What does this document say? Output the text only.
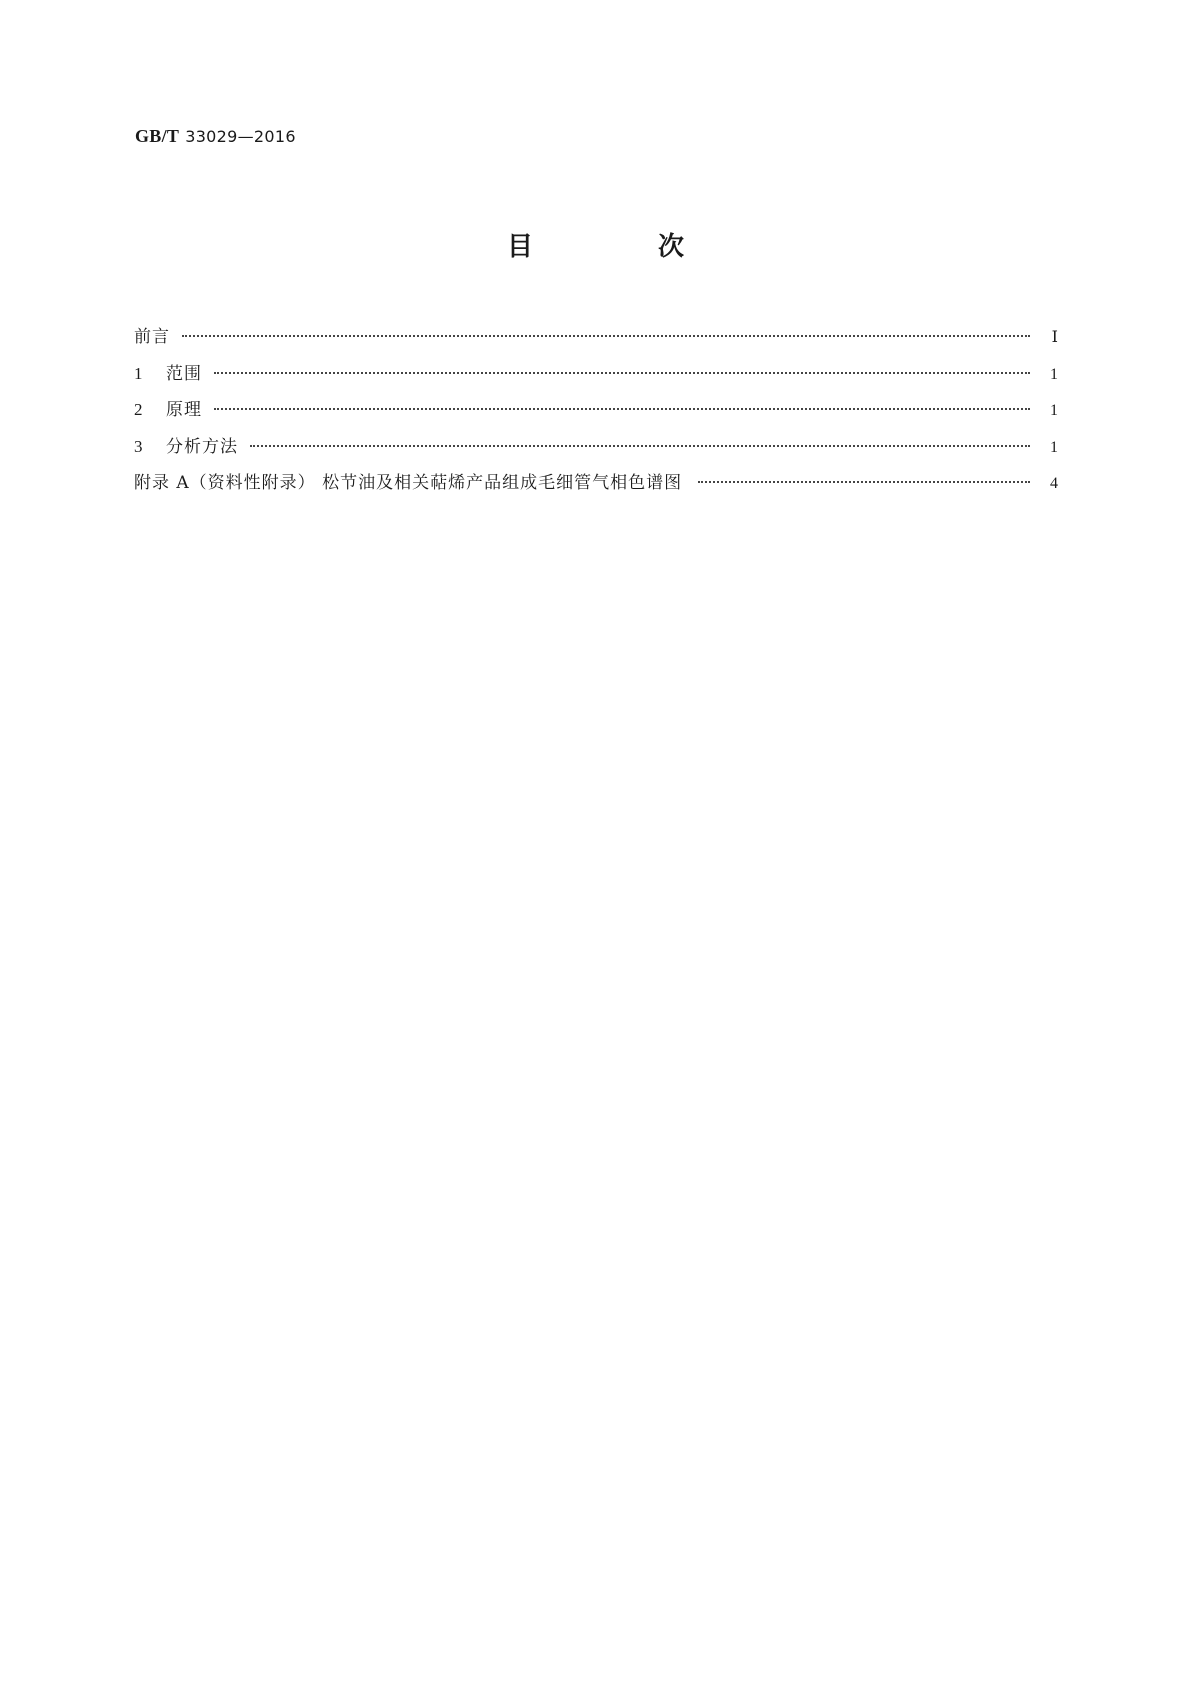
GB/T 33029—2016
目 次
前言	Ⅰ
1	范围	1
2	原理	1
3	分析方法	1
附录 A（资料性附录） 松节油及相关萜烯产品组成毛细管气相色谱图	4
